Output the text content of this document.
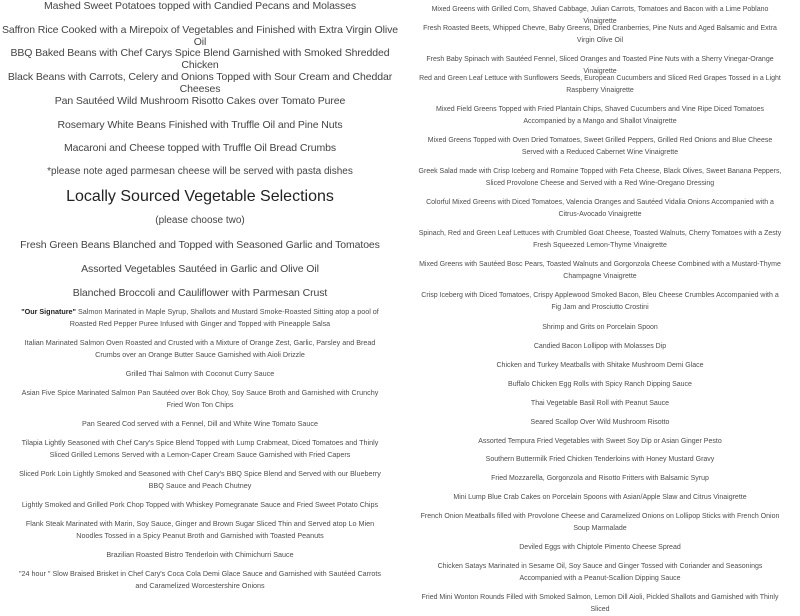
Mashed Sweet Potatoes topped with Candied Pecans and Molasses
Saffron Rice Cooked with a Mirepoix of Vegetables and Finished with Extra Virgin Olive Oil
BBQ Baked Beans with Chef Carys Spice Blend Garnished with Smoked Shredded Chicken
Black Beans with Carrots, Celery and Onions Topped with Sour Cream and Cheddar Cheeses
Pan Sautéed Wild Mushroom Risotto Cakes over Tomato Puree
Rosemary White Beans Finished with Truffle Oil and Pine Nuts
Macaroni and Cheese topped with Truffle Oil Bread Crumbs
*please note aged parmesan cheese will be served with pasta dishes
Locally Sourced Vegetable Selections
(please choose two)
Fresh Green Beans Blanched and Topped with Seasoned Garlic and Tomatoes
Assorted Vegetables Sautéed in Garlic and Olive Oil
Blanched Broccoli and Cauliflower with Parmesan Crust
"Our Signature" Salmon Marinated in Maple Syrup, Shallots and Mustard Smoke-Roasted Sitting atop a pool of Roasted Red Pepper Puree Infused with Ginger and Topped with Pineapple Salsa
Italian Marinated Salmon Oven Roasted and Crusted with a Mixture of Orange Zest, Garlic, Parsley and Bread Crumbs over an Orange Butter Sauce Garnished with Aioli Drizzle
Grilled Thai Salmon with Coconut Curry Sauce
Asian Five Spice Marinated Salmon Pan Sautéed over Bok Choy, Soy Sauce Broth and Garnished with Crunchy Fried Won Ton Chips
Pan Seared Cod served with a Fennel, Dill and White Wine Tomato Sauce
Tilapia Lightly Seasoned with Chef Cary's Spice Blend Topped with Lump Crabmeat, Diced Tomatoes and Thinly Sliced Grilled Lemons Served with a Lemon-Caper Cream Sauce Garnished with Fried Capers
Sliced Pork Loin Lightly Smoked and Seasoned with Chef Cary's BBQ Spice Blend and Served with our Blueberry BBQ Sauce and Peach Chutney
Lightly Smoked and Grilled Pork Chop Topped with Whiskey Pomegranate Sauce and Fried Sweet Potato Chips
Flank Steak Marinated with Marin, Soy Sauce, Ginger and Brown Sugar Sliced Thin and Served atop Lo Mien Noodles Tossed in a Spicy Peanut Broth and Garnished with Toasted Peanuts
Brazilian Roasted Bistro Tenderloin with Chimichurri Sauce
"24 hour " Slow Braised Brisket in Chef Cary's Coca Cola Demi Glace Sauce and Garnished with Sautéed Carrots and Caramelized Worcestershire Onions
Mixed Greens with Grilled Corn, Shaved Cabbage, Julian Carrots, Tomatoes and Bacon with a Lime Poblano Vinaigrette
Fresh Roasted Beets, Whipped Chevre, Baby Greens, Dried Cranberries, Pine Nuts and Aged Balsamic and Extra Virgin Olive Oil
Fresh Baby Spinach with Sautéed Fennel, Sliced Oranges and Toasted Pine Nuts with a Sherry Vinegar-Orange Vinaigrette
Red and Green Leaf Lettuce with Sunflowers Seeds, European Cucumbers and Sliced Red Grapes Tossed in a Light Raspberry Vinaigrette
Mixed Field Greens Topped with Fried Plantain Chips, Shaved Cucumbers and Vine Ripe Diced Tomatoes Accompanied by a Mango and Shallot Vinaigrette
Mixed Greens Topped with Oven Dried Tomatoes, Sweet Grilled Peppers, Grilled Red Onions and Blue Cheese Served with a Reduced Cabernet Wine Vinaigrette
Greek Salad made with Crisp Iceberg and Romaine Topped with Feta Cheese, Black Olives, Sweet Banana Peppers, Sliced Provolone Cheese and Served with a Red Wine-Oregano Dressing
Colorful Mixed Greens with Diced Tomatoes, Valencia Oranges and Sautéed Vidalia Onions Accompanied with a Citrus-Avocado Vinaigrette
Spinach, Red and Green Leaf Lettuces with Crumbled Goat Cheese, Toasted Walnuts, Cherry Tomatoes with a Zesty Fresh Squeezed Lemon-Thyme Vinaigrette
Mixed Greens with Sautéed Bosc Pears, Toasted Walnuts and Gorgonzola Cheese Combined with a Mustard-Thyme Champagne Vinaigrette
Crisp Iceberg with Diced Tomatoes, Crispy Applewood Smoked Bacon, Bleu Cheese Crumbles Accompanied with a Fig Jam and Prosciutto Crostini
Shrimp and Grits on Porcelain Spoon
Candied Bacon Lollipop with Molasses Dip
Chicken and Turkey Meatballs with Shitake Mushroom Demi Glace
Buffalo Chicken Egg Rolls with Spicy Ranch Dipping Sauce
Thai Vegetable Basil Roll with Peanut Sauce
Seared Scallop Over Wild Mushroom Risotto
Assorted Tempura Fried Vegetables with Sweet Soy Dip or Asian Ginger Pesto
Southern Buttermilk Fried Chicken Tenderloins with Honey Mustard Gravy
Fried Mozzarella, Gorgonzola and Risotto Fritters with Balsamic Syrup
Mini Lump Blue Crab Cakes on Porcelain Spoons with Asian/Apple Slaw and Citrus Vinaigrette
French Onion Meatballs filled with Provolone Cheese and Caramelized Onions on Lollipop Sticks with French Onion Soup Marmalade
Deviled Eggs with Chiptole Pimento Cheese Spread
Chicken Satays Marinated in Sesame Oil, Soy Sauce and Ginger Tossed with Coriander and Seasonings Accompanied with a Peanut-Scallion Dipping Sauce
Fried Mini Wonton Rounds Filled with Smoked Salmon, Lemon Dill Aioli, Pickled Shallots and Garnished with Thinly Sliced
